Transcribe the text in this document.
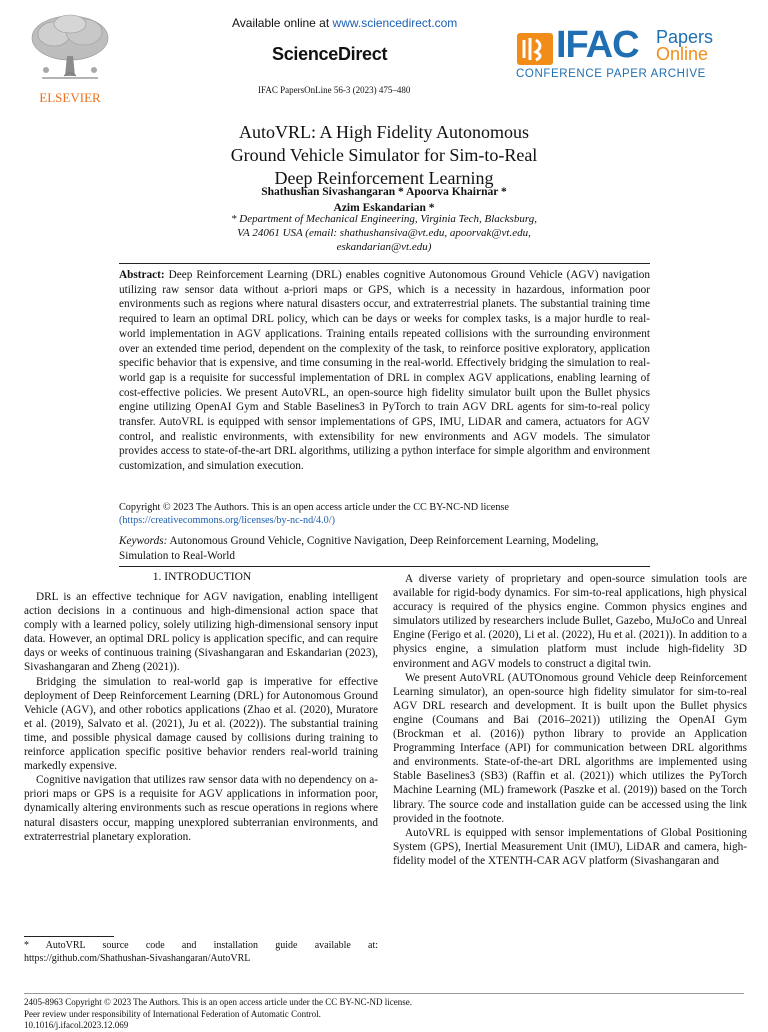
ELSEVIER
Available online at www.sciencedirect.com
ScienceDirect
IFAC PapersOnLine 56-3 (2023) 475–480
IFAC Papers
Online
CONFERENCE PAPER ARCHIVE
AutoVRL: A High Fidelity Autonomous
Ground Vehicle Simulator for Sim-to-Real
Deep Reinforcement Learning
Shathushan Sivashangaran * Apoorva Khairnar *
Azim Eskandarian *
* Department of Mechanical Engineering, Virginia Tech, Blacksburg,
VA 24061 USA (email: shathushansiva@vt.edu, apoorvak@vt.edu,
eskandarian@vt.edu)
Abstract: Deep Reinforcement Learning (DRL) enables cognitive Autonomous Ground Vehicle (AGV) navigation utilizing raw sensor data without a-priori maps or GPS, which is a necessity in hazardous, information poor environments such as regions where natural disasters occur, and extraterrestrial planets. The substantial training time required to learn an optimal DRL policy, which can be days or weeks for complex tasks, is a major hurdle to real-world implementation in AGV applications. Training entails repeated collisions with the surrounding environment over an extended time period, dependent on the complexity of the task, to reinforce positive exploratory, application specific behavior that is expensive, and time consuming in the real-world. Effectively bridging the simulation to real-world gap is a requisite for successful implementation of DRL in complex AGV applications, enabling learning of cost-effective policies. We present AutoVRL, an open-source high fidelity simulator built upon the Bullet physics engine utilizing OpenAI Gym and Stable Baselines3 in PyTorch to train AGV DRL agents for sim-to-real policy transfer. AutoVRL is equipped with sensor implementations of GPS, IMU, LiDAR and camera, actuators for AGV control, and realistic environments, with extensibility for new environments and AGV models. The simulator provides access to state-of-the-art DRL algorithms, utilizing a python interface for simple algorithm and environment customization, and simulation execution.
Copyright © 2023 The Authors. This is an open access article under the CC BY-NC-ND license
(https://creativecommons.org/licenses/by-nc-nd/4.0/)
Keywords: Autonomous Ground Vehicle, Cognitive Navigation, Deep Reinforcement Learning, Modeling, Simulation to Real-World
1. INTRODUCTION

DRL is an effective technique for AGV navigation, enabling intelligent action decisions in a continuous and high-dimensional action space that comply with a learned policy, solely utilizing high-dimensional sensory input data. However, an optimal DRL policy is application specific, and can require days or weeks of continuous training (Sivashangaran and Eskandarian (2023), Sivashangaran and Zheng (2021)).

Bridging the simulation to real-world gap is imperative for effective deployment of Deep Reinforcement Learning (DRL) for Autonomous Ground Vehicle (AGV), and other robotics applications (Zhao et al. (2020), Muratore et al. (2019), Salvato et al. (2021), Ju et al. (2022)). The substantial training time, and possible physical damage caused by collisions during training to reinforce application specific positive behavior renders real-world training markedly expensive.

Cognitive navigation that utilizes raw sensor data with no dependency on a-priori maps or GPS is a requisite for AGV applications in information poor, dynamically altering environments such as rescue operations in regions where natural disasters occur, mapping unexplored subterranian environments, and extraterrestrial planetary exploration.

A diverse variety of proprietary and open-source simulation tools are available for rigid-body dynamics. For sim-to-real applications, high physical accuracy is required of the physics engine. Common physics engines and simulators utilized by researchers include Bullet, Gazebo, MuJoCo and Unreal Engine (Ferigo et al. (2020), Li et al. (2022), Hu et al. (2021)). In addition to a physics engine, a simulation platform must include high-fidelity 3D environment and AGV models to construct a digital twin.

We present AutoVRL (AUTOnomous ground Vehicle deep Reinforcement Learning simulator), an open-source high fidelity simulator for sim-to-real AGV DRL research and development. It is built upon the Bullet physics engine (Coumans and Bai (2016–2021)) utilizing the OpenAI Gym (Brockman et al. (2016)) python library to provide an Application Programming Interface (API) for communication between DRL algorithms and environments. State-of-the-art DRL algorithms are implemented using Stable Baselines3 (SB3) (Raffin et al. (2021)) which utilizes the PyTorch Machine Learning (ML) framework (Paszke et al. (2019)) based on the Torch library. The source code and installation guide can be accessed using the link provided in the footnote.

AutoVRL is equipped with sensor implementations of Global Positioning System (GPS), Inertial Measurement Unit (IMU), LiDAR and camera, high-fidelity model of the XTENTH-CAR AGV platform (Sivashangaran and

* AutoVRL source code and installation guide available at: https://github.com/Shathushan-Sivashangaran/AutoVRL
2405-8963 Copyright © 2023 The Authors. This is an open access article under the CC BY-NC-ND license.
Peer review under responsibility of International Federation of Automatic Control.
10.1016/j.ifacol.2023.12.069
